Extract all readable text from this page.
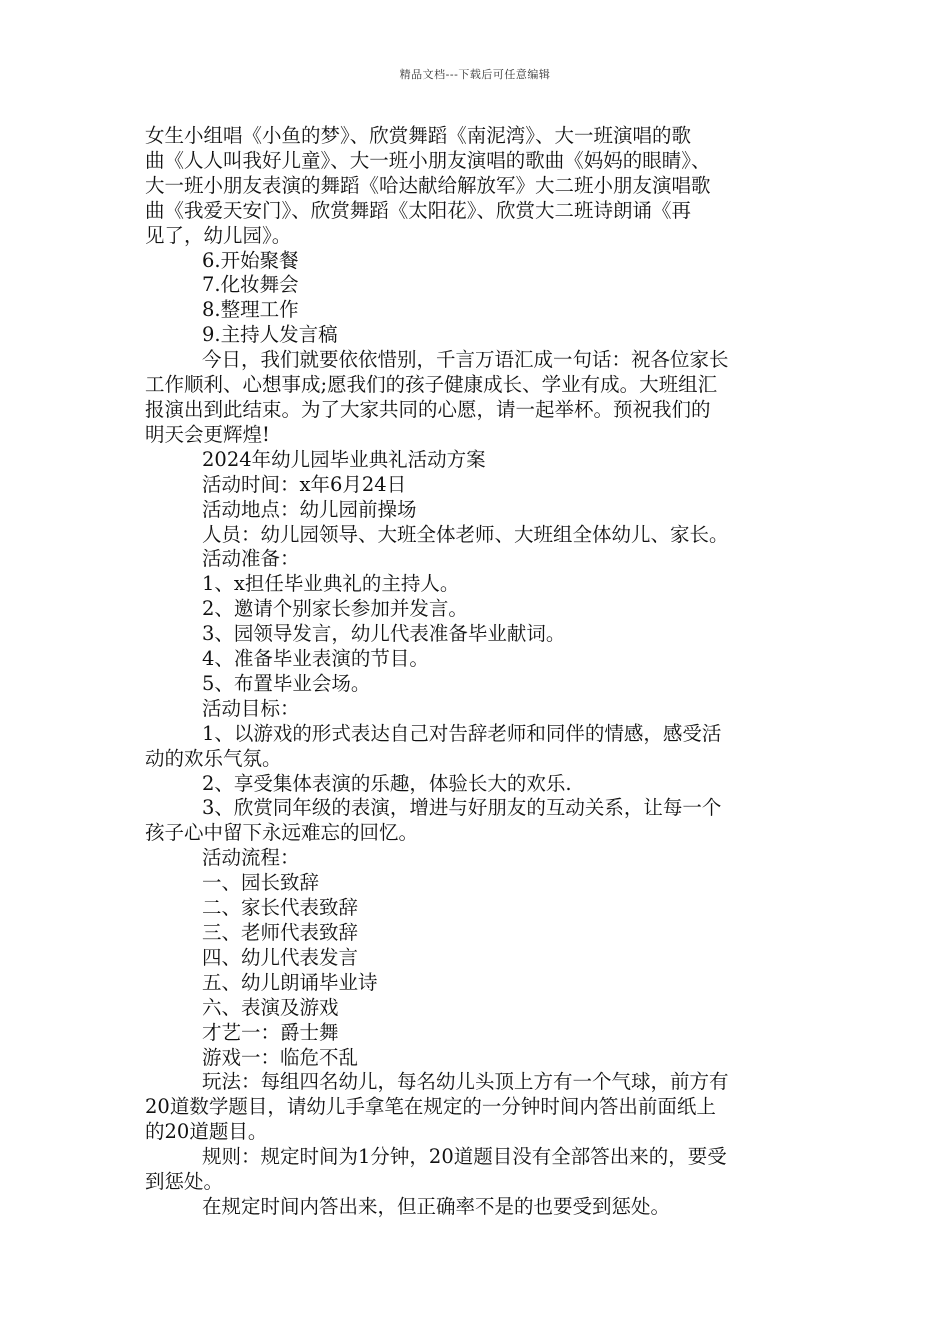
精品文档---下载后可任意编辑

女生小组唱《小鱼的梦》、欣赏舞蹈《南泥湾》、大一班演唱的歌

曲《人人叫我好儿童》、大一班小朋友演唱的歌曲《妈妈的眼睛》、

大一班小朋友表演的舞蹈《哈达献给解放军》大二班小朋友演唱歌

曲《我爱天安门》、欣赏舞蹈《太阳花》、欣赏大二班诗朗诵《再

见了，幼儿园》。

6.开始聚餐

7.化妆舞会

8.整理工作

9.主持人发言稿

今日，我们就要依依惜别，千言万语汇成一句话：祝各位家长

工作顺利、心想事成;愿我们的孩子健康成长、学业有成。大班组汇

报演出到此结束。为了大家共同的心愿，请一起举杯。预祝我们的

明天会更辉煌!

2024年幼儿园毕业典礼活动方案

活动时间：x年6月24日

活动地点：幼儿园前操场

人员：幼儿园领导、大班全体老师、大班组全体幼儿、家长。

活动准备：

1、x担任毕业典礼的主持人。

2、邀请个别家长参加并发言。

3、园领导发言，幼儿代表准备毕业献词。

4、准备毕业表演的节目。

5、布置毕业会场。

活动目标：

1、以游戏的形式表达自己对告辞老师和同伴的情感，感受活

动的欢乐气氛。

2、享受集体表演的乐趣，体验长大的欢乐.

3、欣赏同年级的表演，增进与好朋友的互动关系，让每一个

孩子心中留下永远难忘的回忆。

活动流程：

一、园长致辞

二、家长代表致辞

三、老师代表致辞

四、幼儿代表发言

五、幼儿朗诵毕业诗

六、表演及游戏

才艺一：爵士舞

游戏一：临危不乱

玩法：每组四名幼儿，每名幼儿头顶上方有一个气球，前方有

20道数学题目，请幼儿手拿笔在规定的一分钟时间内答出前面纸上

的20道题目。

规则：规定时间为1分钟，20道题目没有全部答出来的，要受

到惩处。

在规定时间内答出来，但正确率不是的也要受到惩处。
